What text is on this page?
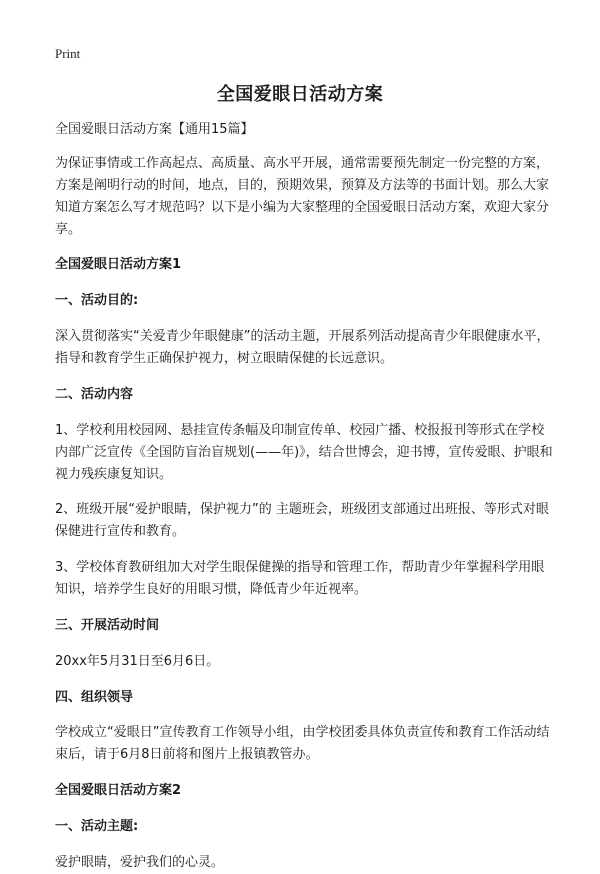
Print
全国爱眼日活动方案

全国爱眼日活动方案【通用15篇】

为保证事情或工作高起点、高质量、高水平开展，通常需要预先制定一份完整的方案，方案是阐明行动的时间，地点，目的，预期效果，预算及方法等的书面计划。那么大家知道方案怎么写才规范吗？以下是小编为大家整理的全国爱眼日活动方案，欢迎大家分享。

全国爱眼日活动方案1

一、活动目的:

深入贯彻落实“关爱青少年眼健康”的活动主题，开展系列活动提高青少年眼健康水平，指导和教育学生正确保护视力，树立眼睛保健的长远意识。

二、活动内容

1、学校利用校园网、悬挂宣传条幅及印制宣传单、校园广播、校报报刊等形式在学校内部广泛宣传《全国防盲治盲规划(——年)》，结合世博会，迎书博，宣传爱眼、护眼和视力残疾康复知识。

2、班级开展“爱护眼睛，保护视力”的 主题班会，班级团支部通过出班报、等形式对眼保健进行宣传和教育。

3、学校体育教研组加大对学生眼保健操的指导和管理工作，帮助青少年掌握科学用眼知识，培养学生良好的用眼习惯，降低青少年近视率。

三、开展活动时间

20xx年5月31日至6月6日。

四、组织领导

学校成立“爱眼日”宣传教育工作领导小组，由学校团委具体负责宣传和教育工作活动结束后，请于6月8日前将和图片上报镇教管办。

全国爱眼日活动方案2

一、活动主题:

爱护眼睛，爱护我们的心灵。
